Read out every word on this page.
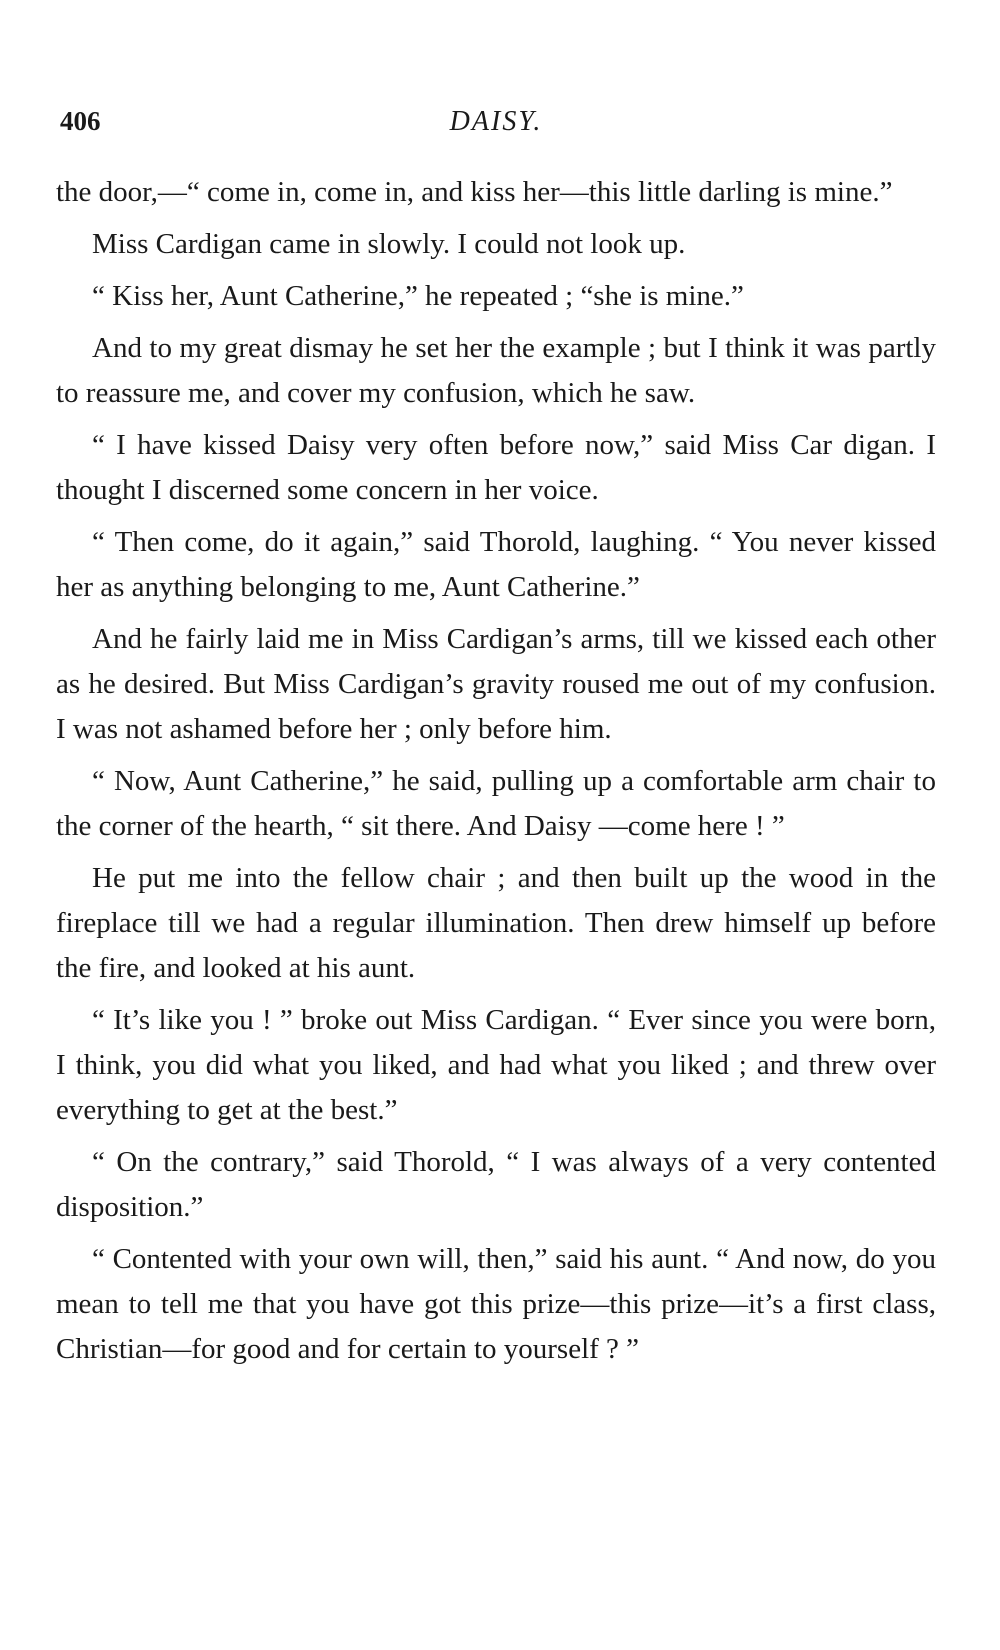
406	DAISY.

the door,—“ come in, come in, and kiss her—this little darling is mine.”

Miss Cardigan came in slowly. I could not look up.

“ Kiss her, Aunt Catherine,” he repeated ; “she is mine.”

And to my great dismay he set her the example ; but I think it was partly to reassure me, and cover my confusion, which he saw.

“ I have kissed Daisy very often before now,” said Miss Car digan. I thought I discerned some concern in her voice.

“ Then come, do it again,” said Thorold, laughing. “ You never kissed her as anything belonging to me, Aunt Catherine.”

And he fairly laid me in Miss Cardigan’s arms, till we kissed each other as he desired. But Miss Cardigan’s gravity roused me out of my confusion. I was not ashamed before her ; only before him.

“ Now, Aunt Catherine,” he said, pulling up a comfortable arm chair to the corner of the hearth, “ sit there. And Daisy —come here ! ”

He put me into the fellow chair ; and then built up the wood in the fireplace till we had a regular illumination. Then drew himself up before the fire, and looked at his aunt.

“ It’s like you ! ” broke out Miss Cardigan. “ Ever since you were born, I think, you did what you liked, and had what you liked ; and threw over everything to get at the best.”

“ On the contrary,” said Thorold, “ I was always of a very contented disposition.”

“ Contented with your own will, then,” said his aunt. “ And now, do you mean to tell me that you have got this prize—this prize—it’s a first class, Christian—for good and for certain to yourself ? ”
